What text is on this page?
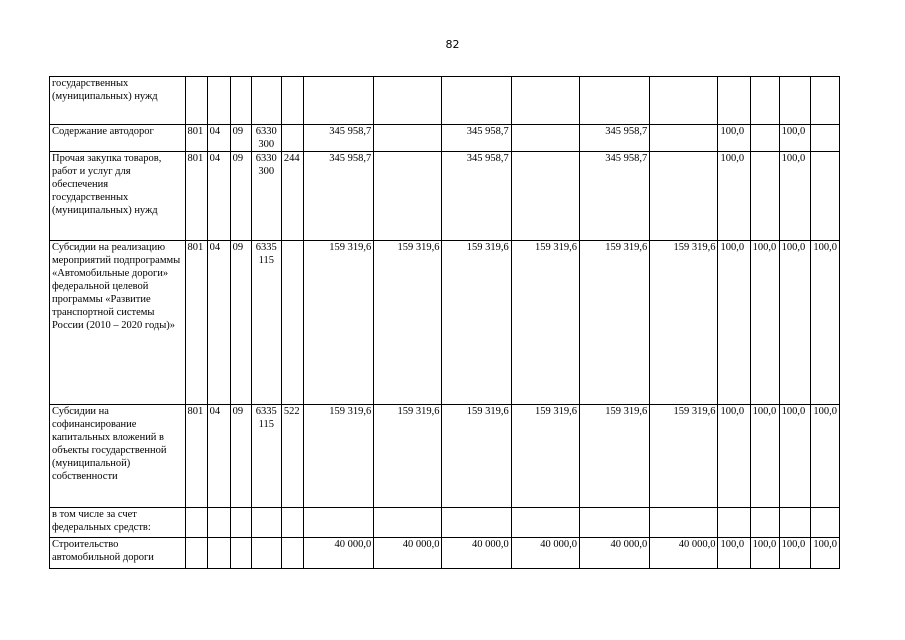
82
государственных (муниципальных) нужд															
Содержание автодорог	801	04	09	6330 300		345 958,7		345 958,7		345 958,7		100,0		100,0	
Прочая закупка товаров, работ и услуг для обеспечения государственных (муниципальных) нужд	801	04	09	6330 300	244	345 958,7		345 958,7		345 958,7		100,0		100,0	
Субсидии на реализацию мероприятий подпрограммы «Автомобильные дороги» федеральной целевой программы «Развитие транспортной системы России (2010 – 2020 годы)»	801	04	09	6335 115		159 319,6	159 319,6	159 319,6	159 319,6	159 319,6	159 319,6	100,0	100,0	100,0	100,0
Субсидии на софинансирование капитальных вложений в объекты государственной (муниципальной) собственности	801	04	09	6335 115	522	159 319,6	159 319,6	159 319,6	159 319,6	159 319,6	159 319,6	100,0	100,0	100,0	100,0
в том числе за счет федеральных средств:															
Строительство автомобильной дороги						40 000,0	40 000,0	40 000,0	40 000,0	40 000,0	40 000,0	100,0	100,0	100,0	100,0
